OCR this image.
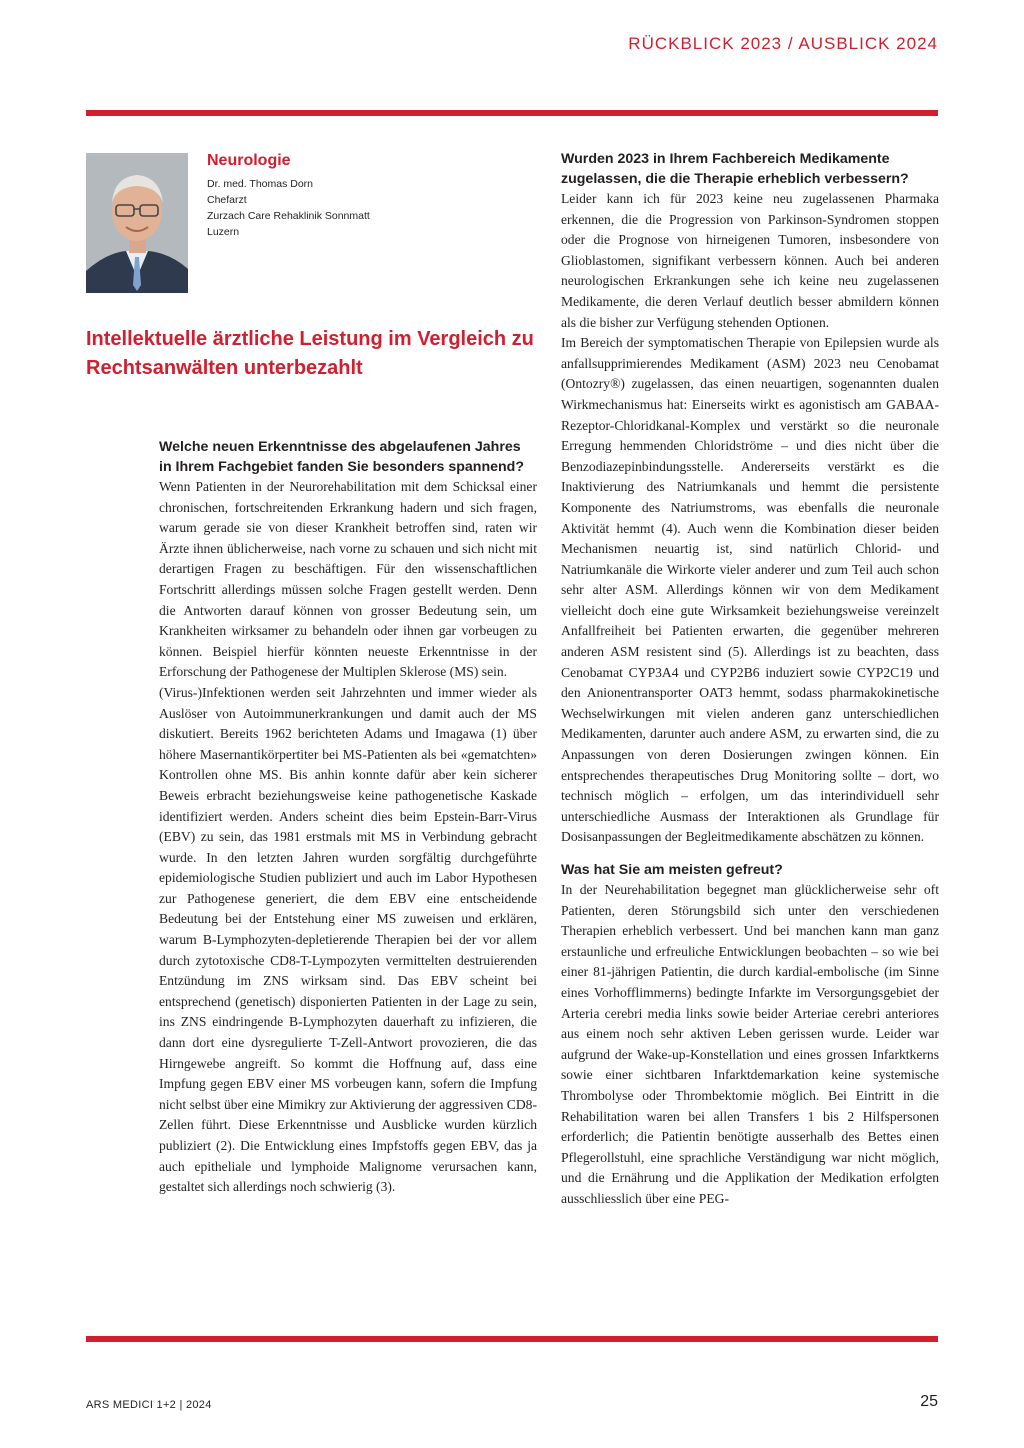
RÜCKBLICK 2023 / AUSBLICK 2024
Neurologie
Dr. med. Thomas Dorn
Chefarzt
Zurzach Care Rehaklinik Sonnmatt
Luzern
Intellektuelle ärztliche Leistung im Vergleich zu Rechtsanwälten unterbezahlt
Welche neuen Erkenntnisse des abgelaufenen Jahres in Ihrem Fachgebiet fanden Sie besonders spannend?
Wenn Patienten in der Neurorehabilitation mit dem Schicksal einer chronischen, fortschreitenden Erkrankung hadern und sich fragen, warum gerade sie von dieser Krankheit betroffen sind, raten wir Ärzte ihnen üblicherweise, nach vorne zu schauen und sich nicht mit derartigen Fragen zu beschäftigen. Für den wissenschaftlichen Fortschritt allerdings müssen solche Fragen gestellt werden. Denn die Antworten darauf können von grosser Bedeutung sein, um Krankheiten wirksamer zu behandeln oder ihnen gar vorbeugen zu können. Beispiel hierfür könnten neueste Erkenntnisse in der Erforschung der Pathogenese der Multiplen Sklerose (MS) sein.
(Virus-)Infektionen werden seit Jahrzehnten und immer wieder als Auslöser von Autoimmunerkrankungen und damit auch der MS diskutiert. Bereits 1962 berichteten Adams und Imagawa (1) über höhere Masernantikörpertiter bei MS-Patienten als bei «gematchten» Kontrollen ohne MS. Bis anhin konnte dafür aber kein sicherer Beweis erbracht beziehungsweise keine pathogenetische Kaskade identifiziert werden. Anders scheint dies beim Epstein-Barr-Virus (EBV) zu sein, das 1981 erstmals mit MS in Verbindung gebracht wurde. In den letzten Jahren wurden sorgfältig durchgeführte epidemiologische Studien publiziert und auch im Labor Hypothesen zur Pathogenese generiert, die dem EBV eine entscheidende Bedeutung bei der Entstehung einer MS zuweisen und erklären, warum B-Lymphozyten-depletierende Therapien bei der vor allem durch zytotoxische CD8-T-Lympozyten vermittelten destruierenden Entzündung im ZNS wirksam sind. Das EBV scheint bei entsprechend (genetisch) disponierten Patienten in der Lage zu sein, ins ZNS eindringende B-Lymphozyten dauerhaft zu infizieren, die dann dort eine dysregulierte T-Zell-Antwort provozieren, die das Hirngewebe angreift. So kommt die Hoffnung auf, dass eine Impfung gegen EBV einer MS vorbeugen kann, sofern die Impfung nicht selbst über eine Mimikry zur Aktivierung der aggressiven CD8-Zellen führt. Diese Erkenntnisse und Ausblicke wurden kürzlich publiziert (2). Die Entwicklung eines Impfstoffs gegen EBV, das ja auch epitheliale und lymphoide Malignome verursachen kann, gestaltet sich allerdings noch schwierig (3).
Wurden 2023 in Ihrem Fachbereich Medikamente zugelassen, die die Therapie erheblich verbessern?
Leider kann ich für 2023 keine neu zugelassenen Pharmaka erkennen, die die Progression von Parkinson-Syndromen stoppen oder die Prognose von hirneigenen Tumoren, insbesondere von Glioblastomen, signifikant verbessern können. Auch bei anderen neurologischen Erkrankungen sehe ich keine neu zugelassenen Medikamente, die deren Verlauf deutlich besser abmildern können als die bisher zur Verfügung stehenden Optionen.
Im Bereich der symptomatischen Therapie von Epilepsien wurde als anfallsupprimierendes Medikament (ASM) 2023 neu Cenobamat (Ontozry®) zugelassen, das einen neuartigen, sogenannten dualen Wirkmechanismus hat: Einerseits wirkt es agonistisch am GABAA-Rezeptor-Chloridkanal-Komplex und verstärkt so die neuronale Erregung hemmenden Chloridströme – und dies nicht über die Benzodiazepinbindungsstelle. Andererseits verstärkt es die Inaktivierung des Natriumkanals und hemmt die persistente Komponente des Natriumstroms, was ebenfalls die neuronale Aktivität hemmt (4). Auch wenn die Kombination dieser beiden Mechanismen neuartig ist, sind natürlich Chlorid- und Natriumkanäle die Wirkorte vieler anderer und zum Teil auch schon sehr alter ASM. Allerdings können wir von dem Medikament vielleicht doch eine gute Wirksamkeit beziehungsweise vereinzelt Anfallfreiheit bei Patienten erwarten, die gegenüber mehreren anderen ASM resistent sind (5). Allerdings ist zu beachten, dass Cenobamat CYP3A4 und CYP2B6 induziert sowie CYP2C19 und den Anionentransporter OAT3 hemmt, sodass pharmakokinetische Wechselwirkungen mit vielen anderen ganz unterschiedlichen Medikamenten, darunter auch andere ASM, zu erwarten sind, die zu Anpassungen von deren Dosierungen zwingen können. Ein entsprechendes therapeutisches Drug Monitoring sollte – dort, wo technisch möglich – erfolgen, um das interindividuell sehr unterschiedliche Ausmass der Interaktionen als Grundlage für Dosisanpassungen der Begleitmedikamente abschätzen zu können.
Was hat Sie am meisten gefreut?
In der Neurehabilitation begegnet man glücklicherweise sehr oft Patienten, deren Störungsbild sich unter den verschiedenen Therapien erheblich verbessert. Und bei manchen kann man ganz erstaunliche und erfreuliche Entwicklungen beobachten – so wie bei einer 81-jährigen Patientin, die durch kardial-embolische (im Sinne eines Vorhofflimmerns) bedingte Infarkte im Versorgungsgebiet der Arteria cerebri media links sowie beider Arteriae cerebri anteriores aus einem noch sehr aktiven Leben gerissen wurde. Leider war aufgrund der Wake-up-Konstellation und eines grossen Infarktkerns sowie einer sichtbaren Infarktdemarkation keine systemische Thrombolyse oder Thrombektomie möglich. Bei Eintritt in die Rehabilitation waren bei allen Transfers 1 bis 2 Hilfspersonen erforderlich; die Patientin benötigte ausserhalb des Bettes einen Pflegerollstuhl, eine sprachliche Verständigung war nicht möglich, und die Ernährung und die Applikation der Medikation erfolgten ausschliesslich über eine PEG-
ARS MEDICI 1+2 | 2024	25
